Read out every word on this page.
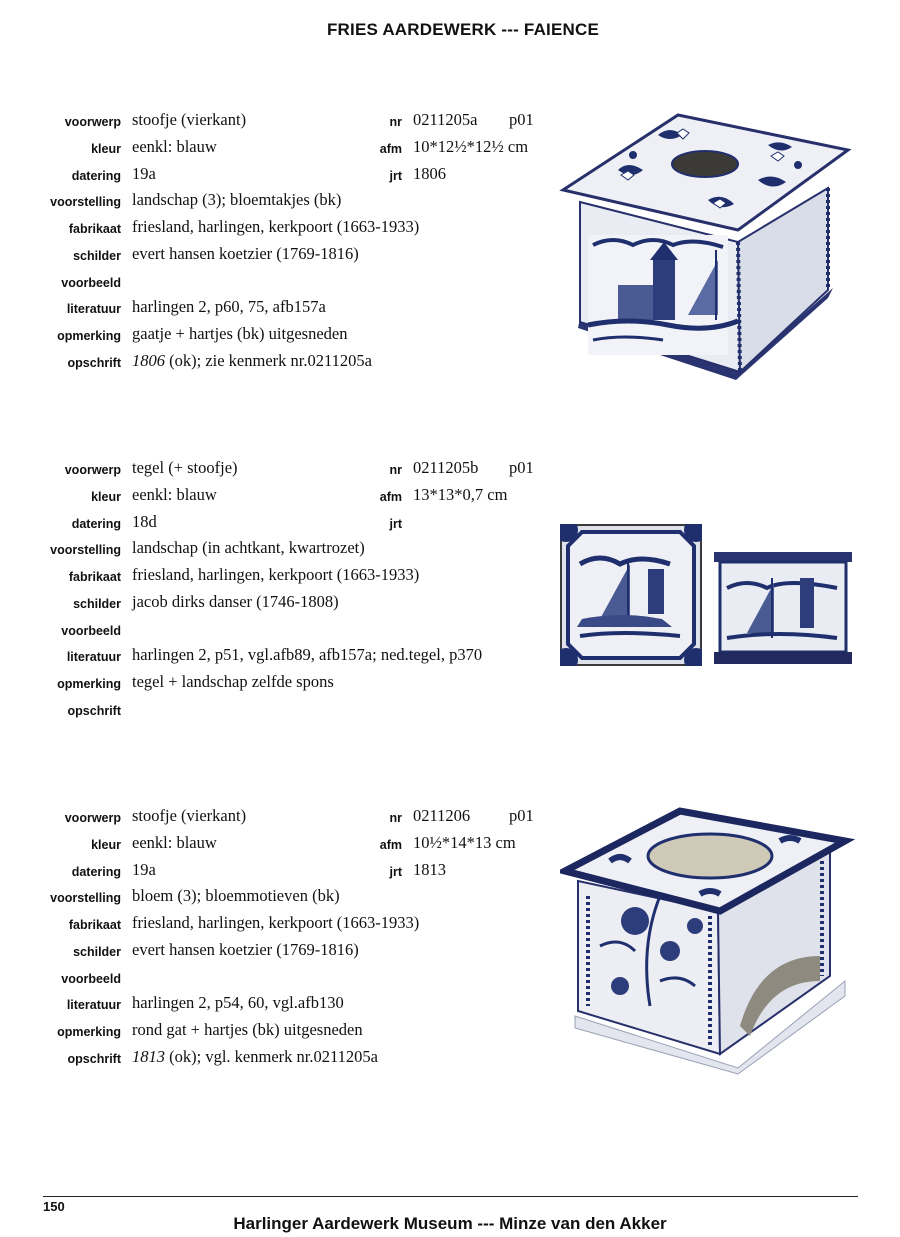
FRIES AARDEWERK --- FAIENCE
voorwerp stoofje (vierkant)	nr 0211205a p01
kleur eenkl: blauw	afm 10*12½*12½ cm
datering 19a	jrt 1806
voorstelling landschap (3); bloemtakjes (bk)
fabrikaat friesland, harlingen, kerkpoort (1663-1933)
schilder evert hansen koetzier (1769-1816)
voorbeeld
literatuur harlingen 2, p60, 75, afb157a
opmerking gaatje + hartjes (bk) uitgesneden
opschrift 1806 (ok); zie kenmerk nr.0211205a
voorwerp tegel (+ stoofje)	nr 0211205b p01
kleur eenkl: blauw	afm 13*13*0,7 cm
datering 18d	jrt
voorstelling landschap (in achtkant, kwartrozet)
fabrikaat friesland, harlingen, kerkpoort (1663-1933)
schilder jacob dirks danser (1746-1808)
voorbeeld
literatuur harlingen 2, p51, vgl.afb89, afb157a; ned.tegel, p370
opmerking tegel + landschap zelfde spons
opschrift
voorwerp stoofje (vierkant)	nr 0211206 p01
kleur eenkl: blauw	afm 10½*14*13 cm
datering 19a	jrt 1813
voorstelling bloem (3); bloemmotieven (bk)
fabrikaat friesland, harlingen, kerkpoort (1663-1933)
schilder evert hansen koetzier (1769-1816)
voorbeeld
literatuur harlingen 2, p54, 60, vgl.afb130
opmerking rond gat + hartjes (bk) uitgesneden
opschrift 1813 (ok); vgl. kenmerk nr.0211205a
150
Harlinger Aardewerk Museum --- Minze van den Akker
